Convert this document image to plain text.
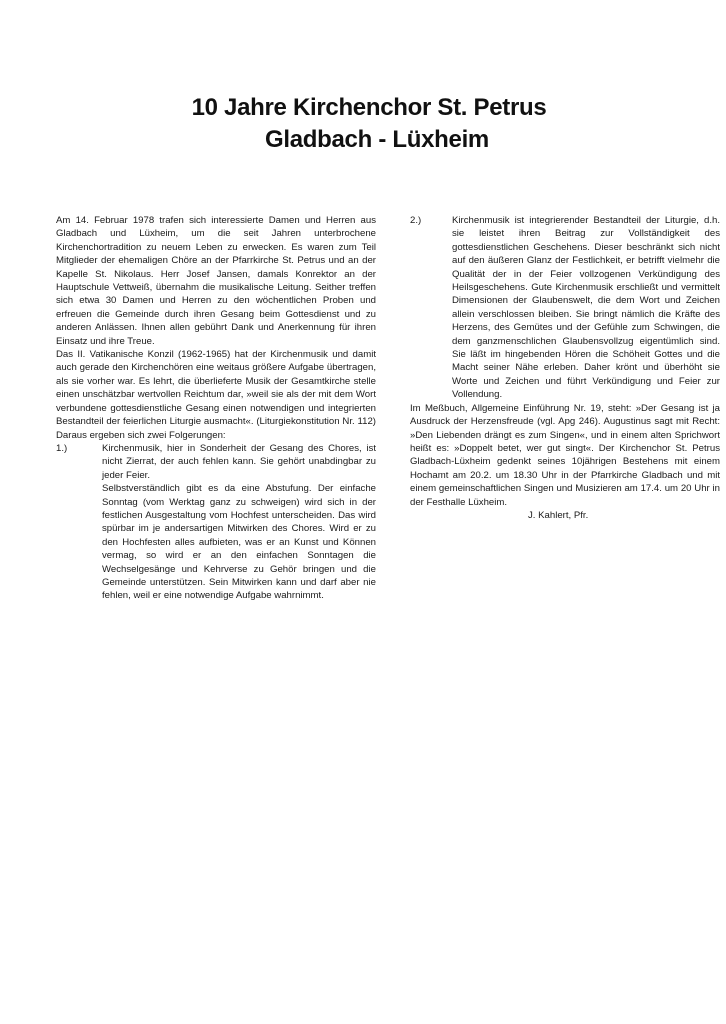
10 Jahre Kirchenchor St. Petrus
Gladbach - Lüxheim

Am 14. Februar 1978 trafen sich interessierte Damen und Herren aus Gladbach und Lüxheim, um die seit Jahren unterbrochene Kirchenchortradition zu neuem Leben zu erwecken. Es waren zum Teil Mitglieder der ehemaligen Chöre an der Pfarrkirche St. Petrus und an der Kapelle St. Nikolaus. Herr Josef Jansen, damals Konrektor an der Hauptschule Vettweiß, übernahm die musikalische Leitung. Seither treffen sich etwa 30 Damen und Herren zu den wöchentlichen Proben und erfreuen die Gemeinde durch ihren Gesang beim Gottesdienst und zu anderen Anlässen. Ihnen allen gebührt Dank und Anerkennung für ihren Einsatz und ihre Treue.

Das II. Vatikanische Konzil (1962-1965) hat der Kirchenmusik und damit auch gerade den Kirchenchören eine weitaus größere Aufgabe übertragen, als sie vorher war. Es lehrt, die überlieferte Musik der Gesamtkirche stelle einen unschätzbar wertvollen Reichtum dar, »weil sie als der mit dem Wort verbundene gottesdienstliche Gesang einen notwendigen und integrierten Bestandteil der feierlichen Liturgie ausmacht«. (Liturgiekonstitution Nr. 112) Daraus ergeben sich zwei Folgerungen:

1.)	Kirchenmusik, hier in Sonderheit der Gesang des Chores, ist nicht Zierrat, der auch fehlen kann. Sie gehört unabdingbar zu jeder Feier.

Selbstverständlich gibt es da eine Abstufung. Der einfache Sonntag (vom Werktag ganz zu schweigen) wird sich in der festlichen Ausgestaltung vom Hochfest unterscheiden. Das wird spürbar im je andersartigen Mitwirken des Chores. Wird er zu den Hochfesten alles aufbieten, was er an Kunst und Können vermag, so wird er an den einfachen Sonntagen die Wechselgesänge und Kehrverse zu Gehör bringen und die Gemeinde unterstützen. Sein Mitwirken kann und darf aber nie fehlen, weil er eine notwendige Aufgabe wahrnimmt.

2.)	Kirchenmusik ist integrierender Bestandteil der Liturgie, d.h. sie leistet ihren Beitrag zur Vollständigkeit des gottesdienstlichen Geschehens. Dieser beschränkt sich nicht auf den äußeren Glanz der Festlichkeit, er betrifft vielmehr die Qualität der in der Feier vollzogenen Verkündigung des Heilsgeschehens. Gute Kirchenmusik erschließt und vermittelt Dimensionen der Glaubenswelt, die dem Wort und Zeichen allein verschlossen bleiben. Sie bringt nämlich die Kräfte des Herzens, des Gemütes und der Gefühle zum Schwingen, die dem ganzmenschlichen Glaubensvollzug eigentümlich sind. Sie läßt im hingebenden Hören die Schöheit Gottes und die Macht seiner Nähe erleben. Daher krönt und überhöht sie Worte und Zeichen und führt Verkündigung und Feier zur Vollendung.

Im Meßbuch, Allgemeine Einführung Nr. 19, steht: »Der Gesang ist ja Ausdruck der Herzensfreude (vgl. Apg 246). Augustinus sagt mit Recht: »Den Liebenden drängt es zum Singen«, und in einem alten Sprichwort heißt es: »Doppelt betet, wer gut singt«. Der Kirchenchor St. Petrus Gladbach-Lüxheim gedenkt seines 10jährigen Bestehens mit einem Hochamt am 20.2. um 18.30 Uhr in der Pfarrkirche Gladbach und mit einem gemeinschaftlichen Singen und Musizieren am 17.4. um 20 Uhr in der Festhalle Lüxheim.

J. Kahlert, Pfr.
